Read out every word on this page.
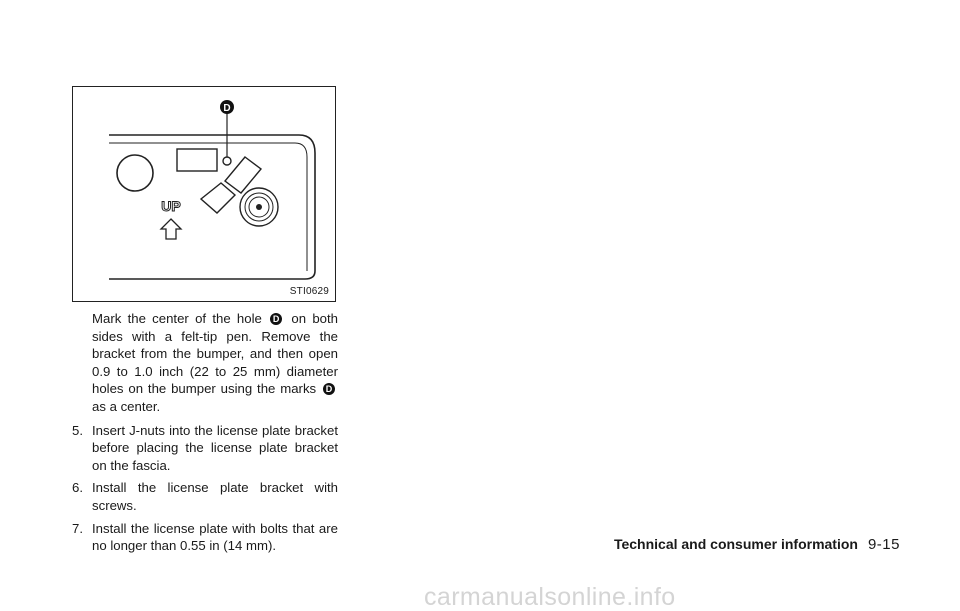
D
UP
STI0629

Mark the center of the hole D on both sides with a felt-tip pen. Remove the bracket from the bumper, and then open 0.9 to 1.0 inch (22 to 25 mm) diameter holes on the bumper using the marks D as a center.

5. Insert J-nuts into the license plate bracket before placing the license plate bracket on the fascia.
6. Install the license plate bracket with screws.
7. Install the license plate with bolts that are no longer than 0.55 in (14 mm).	Technical and consumer information 9-15
carmanualsonline.info
